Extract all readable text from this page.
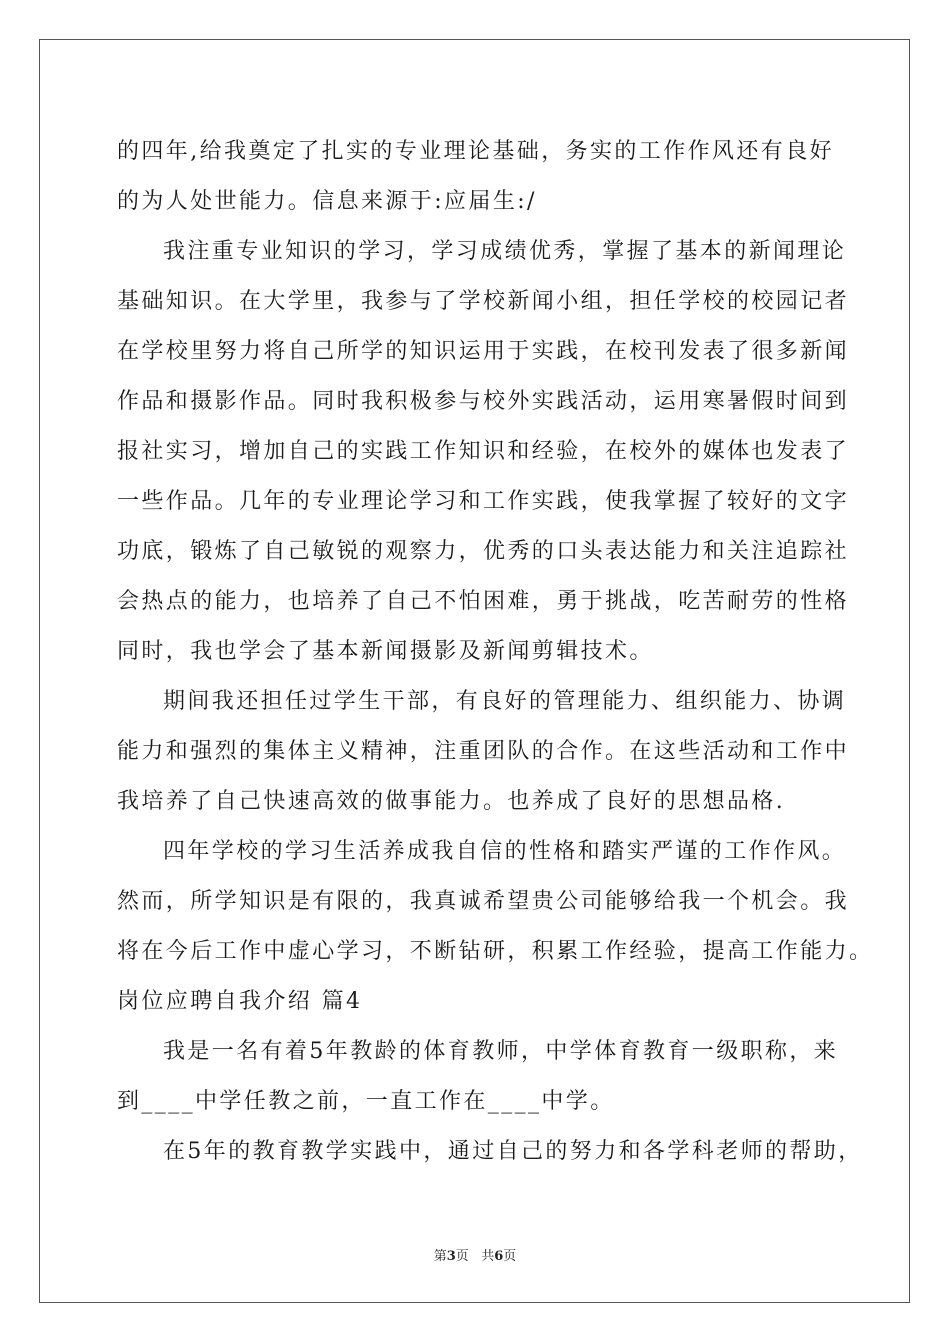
的四年,给我奠定了扎实的专业理论基础，务实的工作作风还有良好
的为人处世能力。信息来源于:应届生:/
我注重专业知识的学习，学习成绩优秀，掌握了基本的新闻理论
基础知识。在大学里，我参与了学校新闻小组，担任学校的校园记者
在学校里努力将自己所学的知识运用于实践，在校刊发表了很多新闻
作品和摄影作品。同时我积极参与校外实践活动，运用寒暑假时间到
报社实习，增加自己的实践工作知识和经验，在校外的媒体也发表了
一些作品。几年的专业理论学习和工作实践，使我掌握了较好的文字
功底，锻炼了自己敏锐的观察力，优秀的口头表达能力和关注追踪社
会热点的能力，也培养了自己不怕困难，勇于挑战，吃苦耐劳的性格
同时，我也学会了基本新闻摄影及新闻剪辑技术。
期间我还担任过学生干部，有良好的管理能力、组织能力、协调
能力和强烈的集体主义精神，注重团队的合作。在这些活动和工作中
我培养了自己快速高效的做事能力。也养成了良好的思想品格.
四年学校的学习生活养成我自信的性格和踏实严谨的工作作风。
然而，所学知识是有限的，我真诚希望贵公司能够给我一个机会。我
将在今后工作中虚心学习，不断钻研，积累工作经验，提高工作能力。
岗位应聘自我介绍 篇4
我是一名有着5年教龄的体育教师，中学体育教育一级职称，来
到____中学任教之前，一直工作在____中学。
在5年的教育教学实践中，通过自己的努力和各学科老师的帮助，
第3页   共6页
